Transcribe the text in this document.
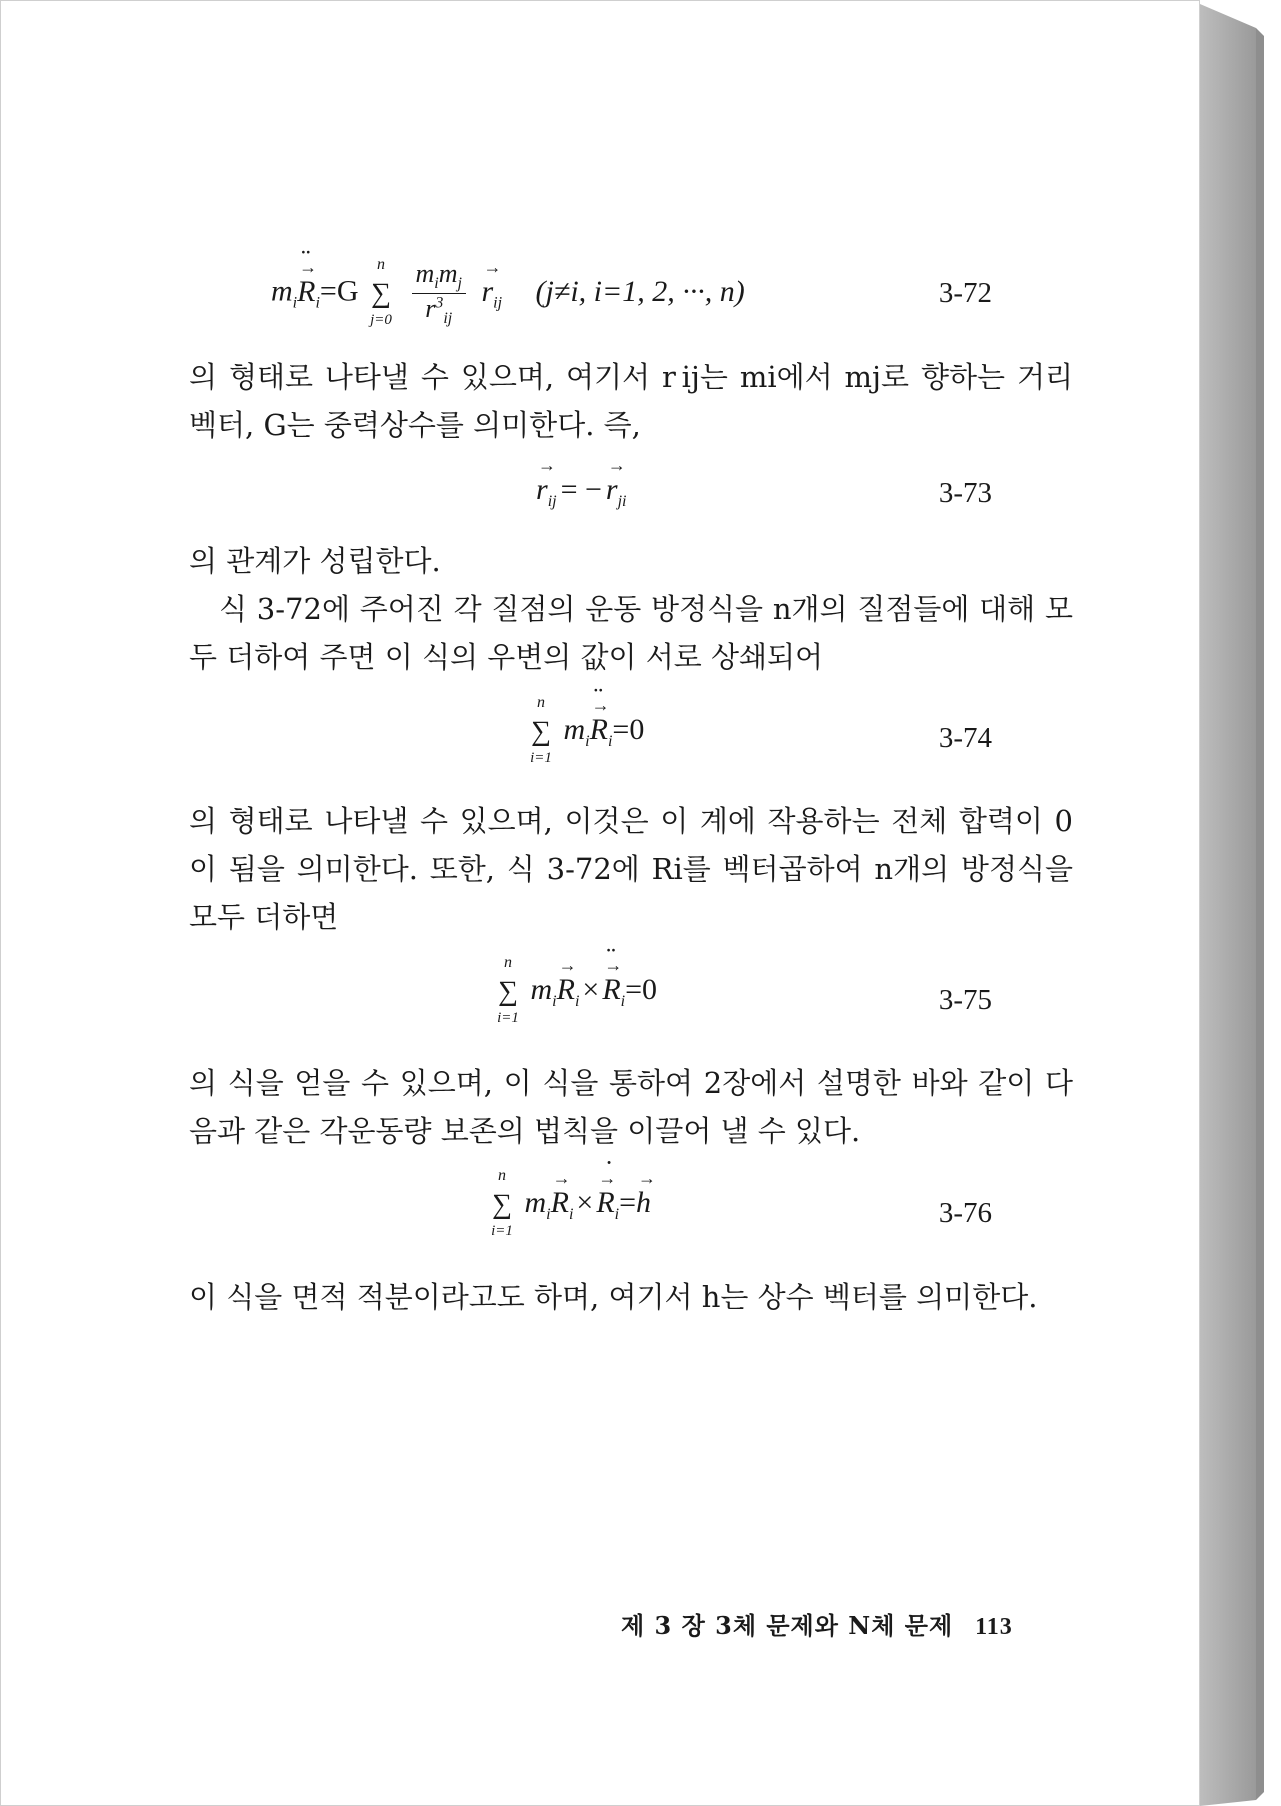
$m_i\to R$ $¨_i=G$ ∑
n
j=0
$\frac{m_im_j}{r^3_{ij}}$
→ $r_{ij}$ (j≠i, i=1, 2, ···, n)	3-72
의 형태로 나타낼 수 있으며, 여기서 r ij는 mi에서 mj로 향하는 거리 벡터, G는 중력상수를 의미한다. 즉,
→ $r_{ij}$ = −→ $r_{ji}$	3-73
의 관계가 성립한다.
식 3-72에 주어진 각 질점의 운동 방정식을 n개의 질점들에 대해 모두 더하여 주면 이 식의 우변의 값이 서로 상쇄되어
∑
n
i=1
$m_i\to R$ $¨_i=0$	3-74
의 형태로 나타낼 수 있으며, 이것은 이 계에 작용하는 전체 합력이 0이 됨을 의미한다. 또한, 식 3-72에 Ri를 벡터곱하여 n개의 방정식을 모두 더하면
∑
n
i=1
$m_i\to R_i \times\to R$ $¨_i=0$	3-75
의 식을 얻을 수 있으며, 이 식을 통하여 2장에서 설명한 바와 같이 다음과 같은 각운동량 보존의 법칙을 이끌어 낼 수 있다.
∑
n
i=1
$m_i\to R_i \times\to R$ $˙_i=\to h$	3-76
이 식을 면적 적분이라고도 하며, 여기서 h는 상수 벡터를 의미한다.
제 3 장 3체 문제와 N체 문제 113
